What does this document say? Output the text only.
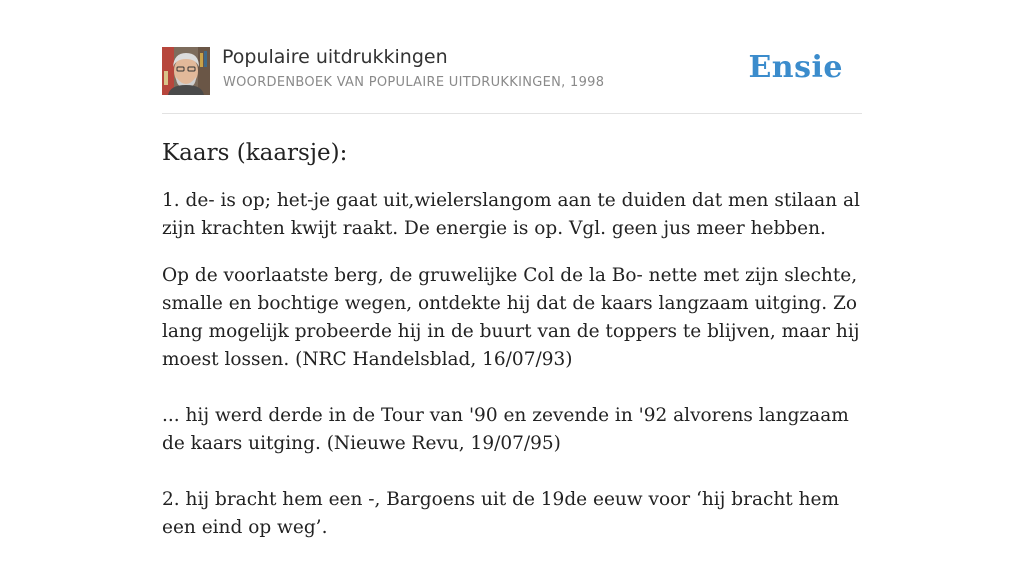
Populaire uitdrukkingen
WOORDENBOEK VAN POPULAIRE UITDRUKKINGEN, 1998	Ensie
Kaars (kaarsje):

1. de- is op; het-je gaat uit,wielerslangom aan te duiden dat men stilaan al zijn krachten kwijt raakt. De energie is op. Vgl. geen jus meer hebben.

Op de voorlaatste berg, de gruwelijke Col de la Bo- nette met zijn slechte, smalle en bochtige wegen, ontdekte hij dat de kaars langzaam uitging. Zo lang mogelijk probeerde hij in de buurt van de toppers te blijven, maar hij moest lossen. (NRC Handelsblad, 16/07/93)

... hij werd derde in de Tour van '90 en zevende in '92 alvorens langzaam de kaars uitging. (Nieuwe Revu, 19/07/95)

2. hij bracht hem een -, Bargoens uit de 19de eeuw voor ‘hij bracht hem een eind op weg’.
